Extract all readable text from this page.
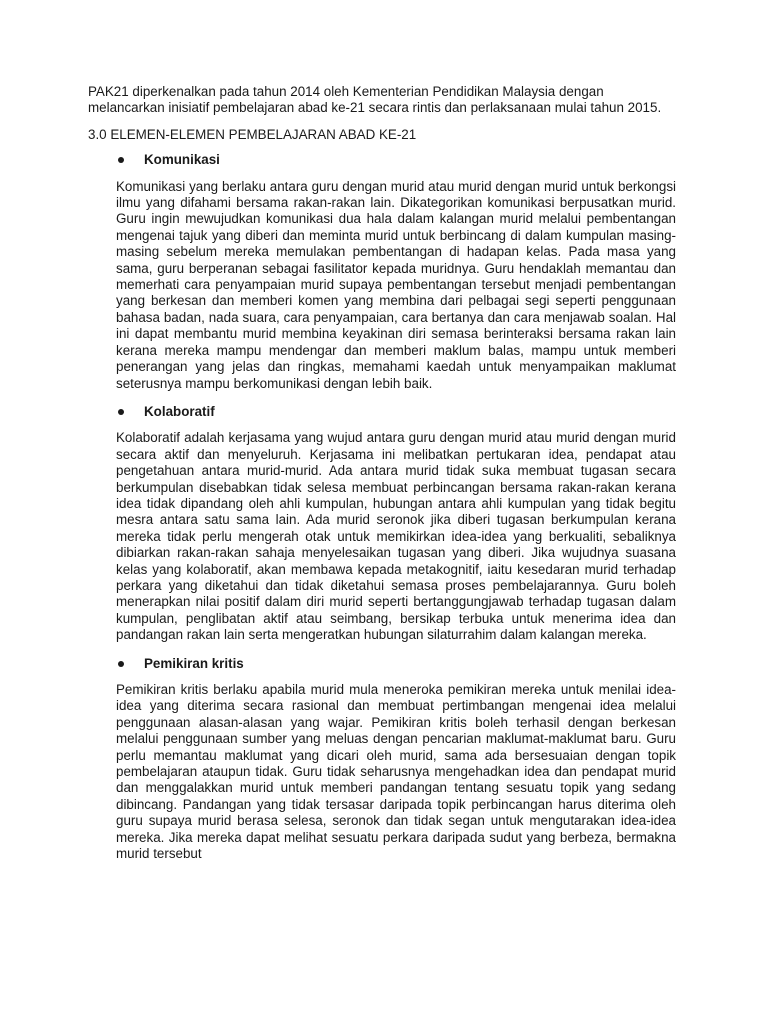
PAK21 diperkenalkan pada tahun 2014 oleh Kementerian Pendidikan Malaysia dengan melancarkan inisiatif pembelajaran abad ke-21 secara rintis dan perlaksanaan mulai tahun 2015.

3.0 ELEMEN-ELEMEN PEMBELAJARAN ABAD KE-21

Komunikasi

Komunikasi yang berlaku antara guru dengan murid atau murid dengan murid untuk berkongsi ilmu yang difahami bersama rakan-rakan lain. Dikategorikan komunikasi berpusatkan murid. Guru ingin mewujudkan komunikasi dua hala dalam kalangan murid melalui pembentangan mengenai tajuk yang diberi dan meminta murid untuk berbincang di dalam kumpulan masing-masing sebelum mereka memulakan pembentangan di hadapan kelas. Pada masa yang sama, guru berperanan sebagai fasilitator kepada muridnya. Guru hendaklah memantau dan memerhati cara penyampaian murid supaya pembentangan tersebut menjadi pembentangan yang berkesan dan memberi komen yang membina dari pelbagai segi seperti penggunaan bahasa badan, nada suara, cara penyampaian, cara bertanya dan cara menjawab soalan. Hal ini dapat membantu murid membina keyakinan diri semasa berinteraksi bersama rakan lain kerana mereka mampu mendengar dan memberi maklum balas, mampu untuk memberi penerangan yang jelas dan ringkas, memahami kaedah untuk menyampaikan maklumat seterusnya mampu berkomunikasi dengan lebih baik.

Kolaboratif

Kolaboratif adalah kerjasama yang wujud antara guru dengan murid atau murid dengan murid secara aktif dan menyeluruh. Kerjasama ini melibatkan pertukaran idea, pendapat atau pengetahuan antara murid-murid. Ada antara murid tidak suka membuat tugasan secara berkumpulan disebabkan tidak selesa membuat perbincangan bersama rakan-rakan kerana idea tidak dipandang oleh ahli kumpulan, hubungan antara ahli kumpulan yang tidak begitu mesra antara satu sama lain. Ada murid seronok jika diberi tugasan berkumpulan kerana mereka tidak perlu mengerah otak untuk memikirkan idea-idea yang berkualiti, sebaliknya dibiarkan rakan-rakan sahaja menyelesaikan tugasan yang diberi. Jika wujudnya suasana kelas yang kolaboratif, akan membawa kepada metakognitif, iaitu kesedaran murid terhadap perkara yang diketahui dan tidak diketahui semasa proses pembelajarannya. Guru boleh menerapkan nilai positif dalam diri murid seperti bertanggungjawab terhadap tugasan dalam kumpulan, penglibatan aktif atau seimbang, bersikap terbuka untuk menerima idea dan pandangan rakan lain serta mengeratkan hubungan silaturrahim dalam kalangan mereka.

Pemikiran kritis

Pemikiran kritis berlaku apabila murid mula meneroka pemikiran mereka untuk menilai idea-idea yang diterima secara rasional dan membuat pertimbangan mengenai idea melalui penggunaan alasan-alasan yang wajar. Pemikiran kritis boleh terhasil dengan berkesan melalui penggunaan sumber yang meluas dengan pencarian maklumat-maklumat baru. Guru perlu memantau maklumat yang dicari oleh murid, sama ada bersesuaian dengan topik pembelajaran ataupun tidak. Guru tidak seharusnya mengehadkan idea dan pendapat murid dan menggalakkan murid untuk memberi pandangan tentang sesuatu topik yang sedang dibincang. Pandangan yang tidak tersasar daripada topik perbincangan harus diterima oleh guru supaya murid berasa selesa, seronok dan tidak segan untuk mengutarakan idea-idea mereka. Jika mereka dapat melihat sesuatu perkara daripada sudut yang berbeza, bermakna murid tersebut
